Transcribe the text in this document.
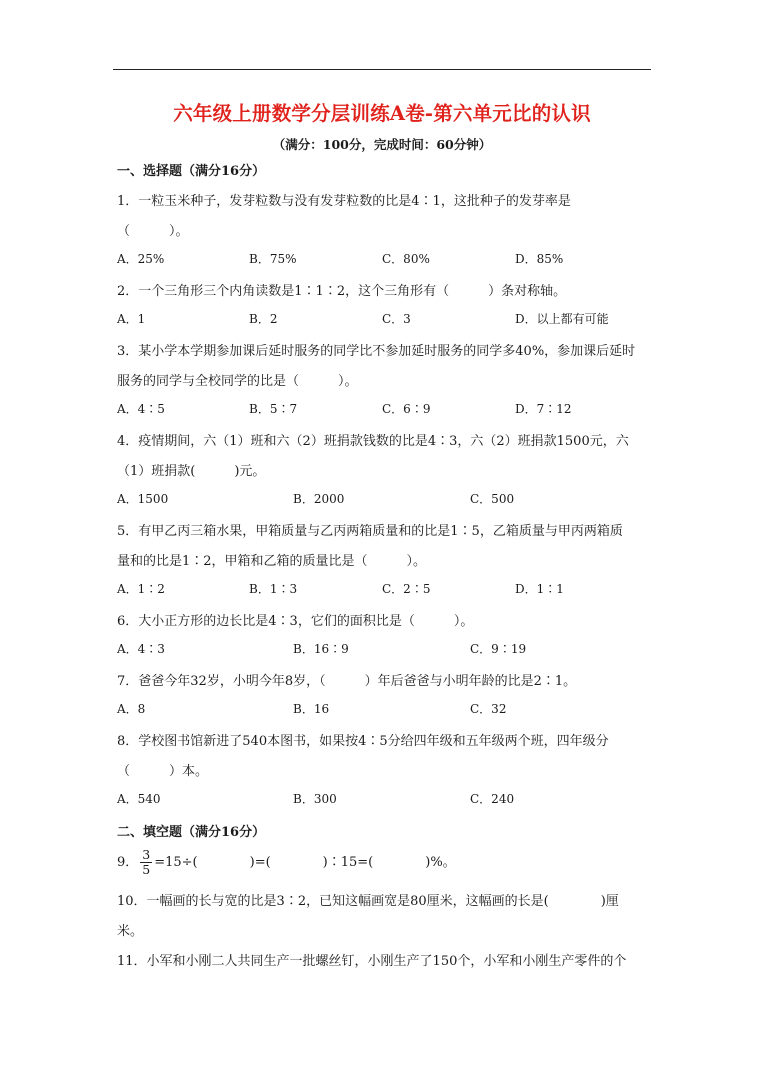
六年级上册数学分层训练A卷-第六单元比的认识
（满分：100分，完成时间：60分钟）
一、选择题（满分16分）
1．一粒玉米种子，发芽粒数与没有发芽粒数的比是4∶1，这批种子的发芽率是
（　　　）。
A．25%	B．75%	C．80%	D．85%
2．一个三角形三个内角读数是1∶1∶2，这个三角形有（　　　）条对称轴。
A．1	B．2	C．3	D．以上都有可能
3．某小学本学期参加课后延时服务的同学比不参加延时服务的同学多40%，参加课后延时
服务的同学与全校同学的比是（　　　）。
A．4∶5	B．5∶7	C．6∶9	D．7∶12
4．疫情期间，六（1）班和六（2）班捐款钱数的比是4∶3，六（2）班捐款1500元，六
（1）班捐款(　　　)元。
A．1500	B．2000	C．500
5．有甲乙丙三箱水果，甲箱质量与乙丙两箱质量和的比是1∶5，乙箱质量与甲丙两箱质
量和的比是1∶2，甲箱和乙箱的质量比是（　　　）。
A．1∶2	B．1∶3	C．2∶5	D．1∶1
6．大小正方形的边长比是4∶3，它们的面积比是（　　　）。
A．4∶3	B．16∶9	C．9∶19
7．爸爸今年32岁，小明今年8岁，（　　　）年后爸爸与小明年龄的比是2∶1。
A．8	B．16	C．32
8．学校图书馆新进了540本图书，如果按4∶5分给四年级和五年级两个班，四年级分
（　　　）本。
A．540	B．300	C．240
二、填空题（满分16分）
9． $\frac{3}{5} =15\div$(　　　　)=(　　　　)∶15=(　　　　)%。
10．一幅画的长与宽的比是3∶2，已知这幅画宽是80厘米，这幅画的长是(　　　　)厘
米。
11．小军和小刚二人共同生产一批螺丝钉，小刚生产了150个，小军和小刚生产零件的个
